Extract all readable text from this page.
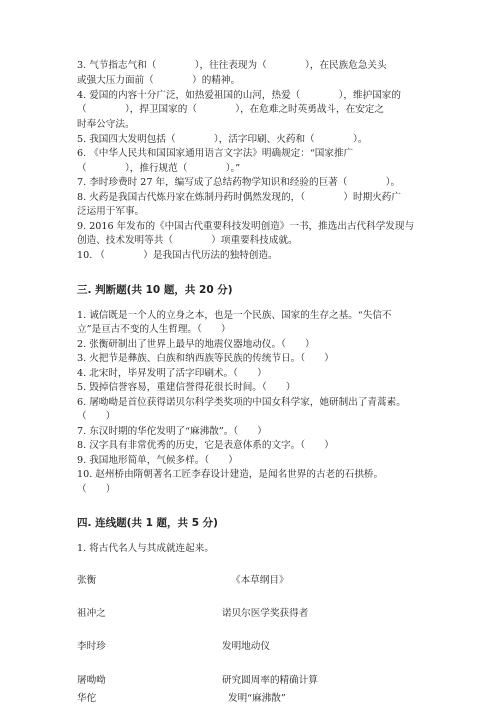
3. 气节指志气和（　　　　），往往表现为（　　　　），在民族危急关头
或强大压力面前（　　　　）的精神。
4. 爱国的内容十分广泛，如热爱祖国的山河，热爱（　　　　），维护国家的
（　　　　），捍卫国家的（　　　　），在危难之时英勇战斗，在安定之
时奉公守法。
5. 我国四大发明包括（　　　　），活字印刷、火药和（　　　　）。
6. 《中华人民共和国国家通用语言文字法》明确规定：“国家推广
（　　　　），推行规范（　　　　）。”
7. 李时珍费时 27 年，编写成了总结药物学知识和经验的巨著（　　　　）。
8. 火药是我国古代炼丹家在炼制丹药时偶然发现的，（　　　　）时期火药广
泛运用于军事。
9. 2016 年发布的《中国古代重要科技发明创造》一书，推选出古代科学发现与
创造、技术发明等共（　　　　）项重要科技成就。
10. （　　　　）是我国古代历法的独特创造。
三. 判断题(共 10 题，共 20 分)
1. 诚信既是一个人的立身之本，也是一个民族、国家的生存之基。“失信不
立”是亘古不变的人生哲理。（　　）
2. 张衡研制出了世界上最早的地震仪器地动仪。（　　）
3. 火把节是彝族、白族和纳西族等民族的传统节日。（　　）
4. 北宋时，毕昇发明了活字印刷术。（　　）
5. 毁掉信誉容易，重建信誉得花很长时间。（　　）
6. 屠呦呦是首位获得诺贝尔科学类奖项的中国女科学家，她研制出了青蒿素。
（　　）
7. 东汉时期的华佗发明了“麻沸散”。（　　）
8. 汉字具有非常优秀的历史，它是表意体系的文字。（　　）
9. 我国地形简单，气候多样。（　　）
10. 赵州桥由隋朝著名工匠李春设计建造，是闻名世界的古老的石拱桥。
（　　）
四. 连线题(共 1 题，共 5 分)
1. 将古代名人与其成就连起来。
张衡	《本草纲目》
祖冲之	诺贝尔医学奖获得者
李时珍	发明地动仪
屠呦呦	研究圆周率的精确计算
华佗	发明“麻沸散”
